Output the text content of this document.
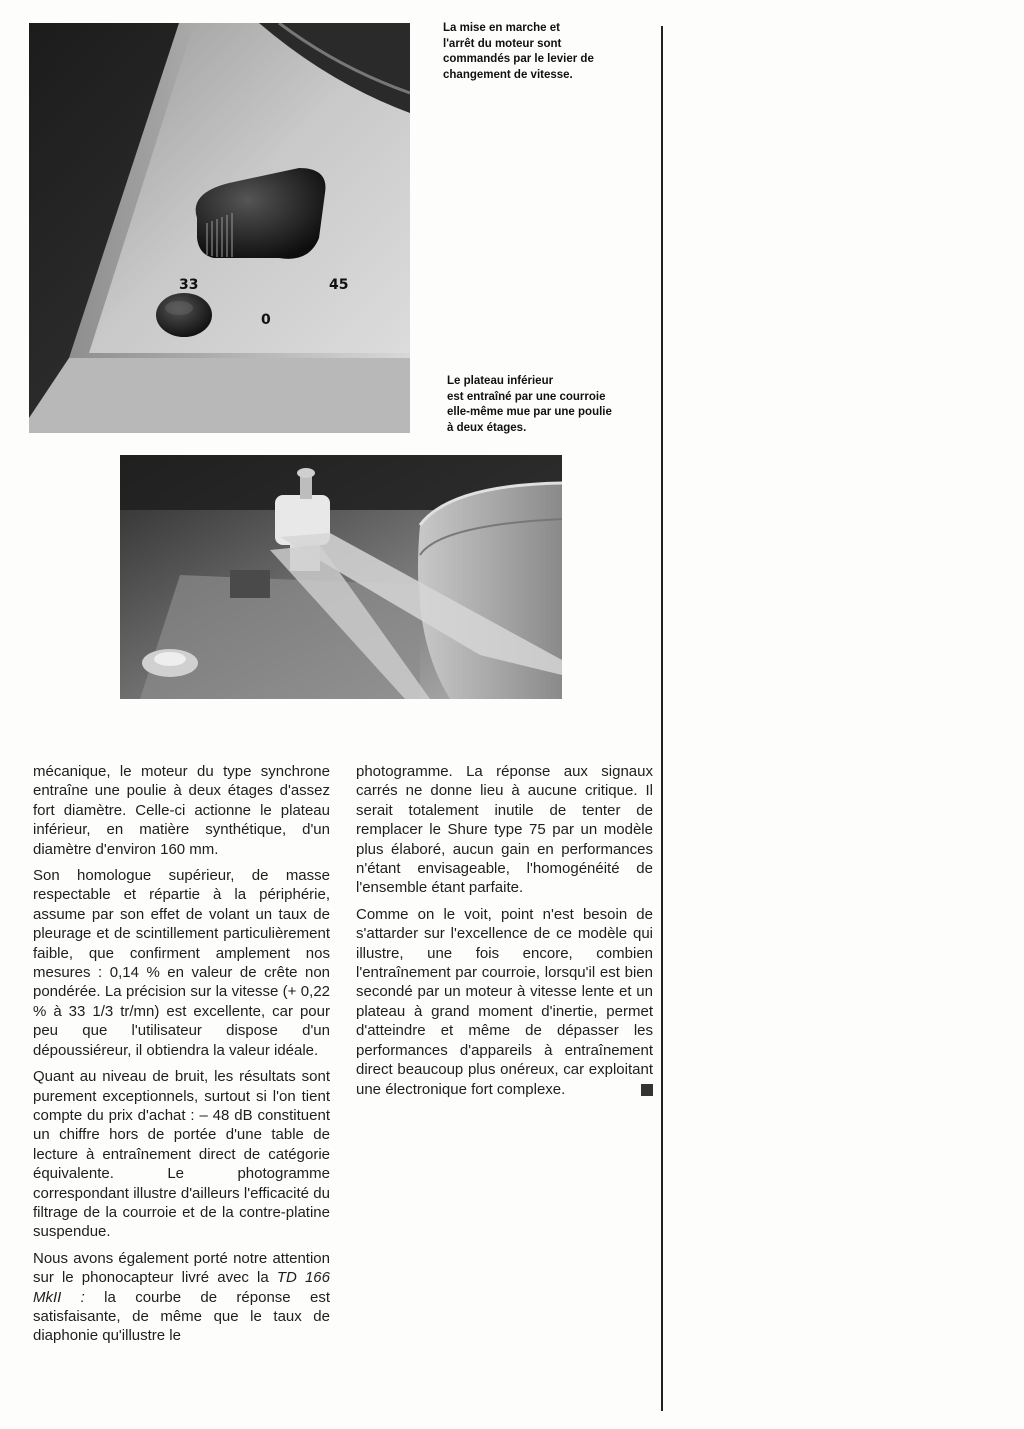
33	45
0
La mise en marche et
l'arrêt du moteur sont
commandés par le levier de
changement de vitesse.
Le plateau inférieur
est entraîné par une courroie
elle-même mue par une poulie
à deux étages.

mécanique, le moteur du type synchrone entraîne une poulie à deux étages d'assez fort diamètre. Celle-ci actionne le plateau inférieur, en matière synthétique, d'un diamètre d'environ 160 mm.

Son homologue supérieur, de masse respectable et répartie à la périphérie, assume par son effet de volant un taux de pleurage et de scintillement particulièrement faible, que confirment amplement nos mesures : 0,14 % en valeur de crête non pondérée. La précision sur la vitesse (+ 0,22 % à 33 1/3 tr/mn) est excellente, car pour peu que l'utilisateur dispose d'un dépoussiéreur, il obtiendra la valeur idéale.

Quant au niveau de bruit, les résultats sont purement exceptionnels, surtout si l'on tient compte du prix d'achat : – 48 dB constituent un chiffre hors de portée d'une table de lecture à entraînement direct de catégorie équivalente. Le photogramme correspondant illustre d'ailleurs l'efficacité du filtrage de la courroie et de la contre-platine suspendue.

Nous avons également porté notre attention sur le phonocapteur livré avec la TD 166 MkII : la courbe de réponse est satisfaisante, de même que le taux de diaphonie qu'illustre le

photogramme. La réponse aux signaux carrés ne donne lieu à aucune critique. Il serait totalement inutile de tenter de remplacer le Shure type 75 par un modèle plus élaboré, aucun gain en performances n'étant envisageable, l'homogénéité de l'ensemble étant parfaite.

Comme on le voit, point n'est besoin de s'attarder sur l'excellence de ce modèle qui illustre, une fois encore, combien l'entraînement par courroie, lorsqu'il est bien secondé par un moteur à vitesse lente et un plateau à grand moment d'inertie, permet d'atteindre et même de dépasser les performances d'appareils à entraînement direct beaucoup plus onéreux, car exploitant une électronique fort complexe.
